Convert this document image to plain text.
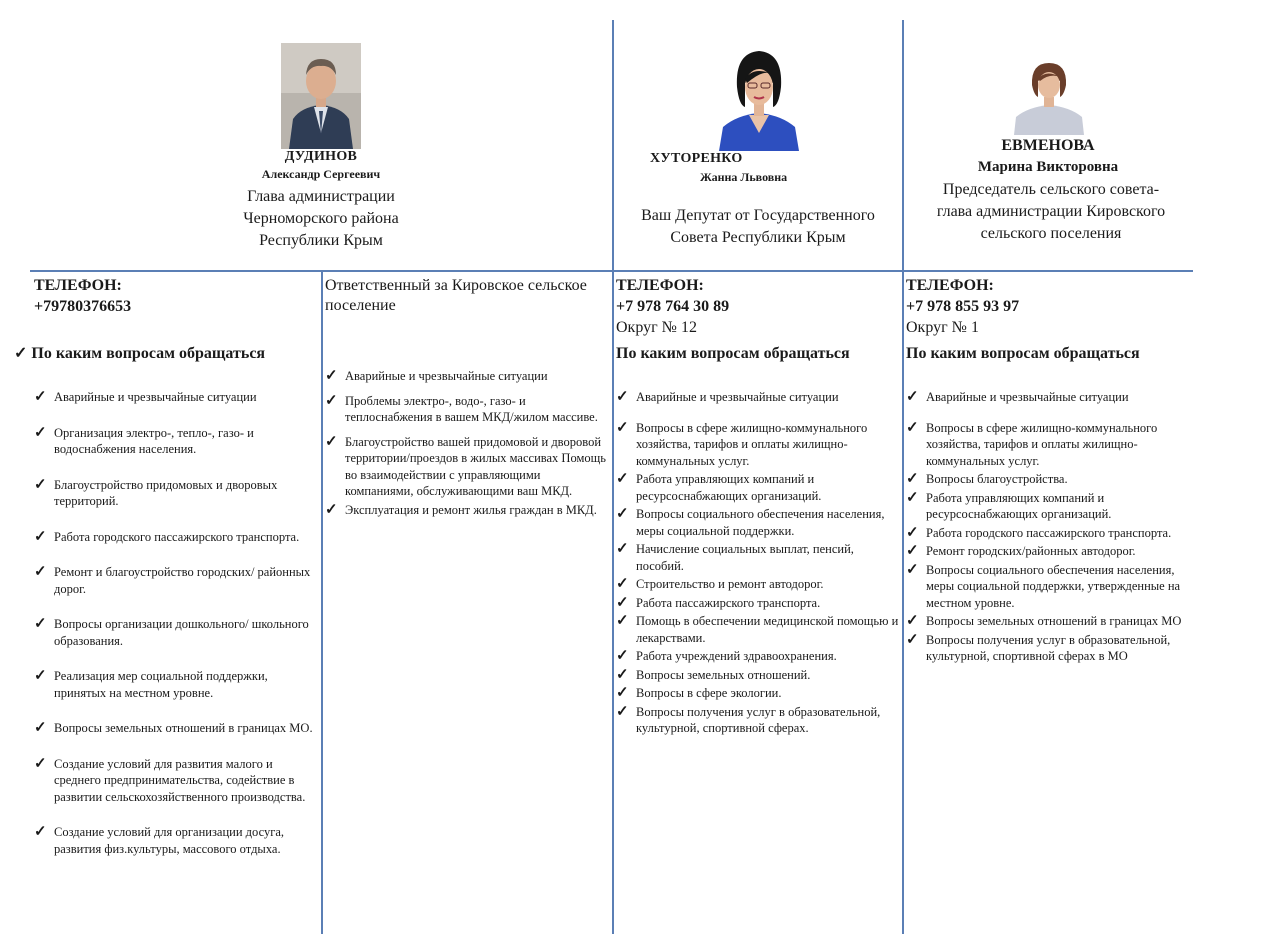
ДУДИНОВ
Александр Сергеевич
Глава администрации
Черноморского района
Республики Крым
ХУТОРЕНКО
Жанна Львовна
Ваш Депутат от Государственного
Совета Республики Крым
ЕВМЕНОВА
Марина Викторовна
Председатель сельского совета-
глава администрации Кировского
сельского поселения
ТЕЛЕФОН:
+79780376653
✓ По каким вопросам обращаться
✓ Аварийные и чрезвычайные ситуации
✓ Организация электро-, тепло-, газо- и водоснабжения населения.
✓ Благоустройство придомовых и дворовых территорий.
✓ Работа городского пассажирского транспорта.
✓ Ремонт и благоустройство городских/ районных дорог.
✓ Вопросы организации дошкольного/ школьного образования.
✓ Реализация мер социальной поддержки, принятых на местном уровне.
✓ Вопросы земельных отношений в границах МО.
✓ Создание условий для развития малого и среднего предпринимательства, содействие в развитии сельскохозяйственного производства.
✓ Создание условий для организации досуга, развития физ.культуры, массового отдыха.
Ответственный за Кировское сельское поселение
✓ Аварийные и чрезвычайные ситуации
✓ Проблемы электро-, водо-, газо- и теплоснабжения в вашем МКД/жилом массиве.
✓ Благоустройство вашей придомовой и дворовой территории/проездов в жилых массивах Помощь во взаимодействии с управляющими компаниями, обслуживающими ваш МКД.
✓ Эксплуатация и ремонт жилья граждан в МКД.
ТЕЛЕФОН:
+7 978 764 30 89
Округ № 12
По каким вопросам обращаться
✓ Аварийные и чрезвычайные ситуации
✓ Вопросы в сфере жилищно-коммунального хозяйства, тарифов и оплаты жилищно-коммунальных услуг.
✓ Работа управляющих компаний и ресурсоснабжающих организаций.
✓ Вопросы социального обеспечения населения, меры социальной поддержки.
✓ Начисление социальных выплат, пенсий, пособий.
✓ Строительство и ремонт автодорог.
✓ Работа пассажирского транспорта.
✓ Помощь в обеспечении медицинской помощью и лекарствами.
✓ Работа учреждений здравоохранения.
✓ Вопросы земельных отношений.
✓ Вопросы в сфере экологии.
✓ Вопросы получения услуг в образовательной, культурной, спортивной сферах.
ТЕЛЕФОН:
+7 978 855 93 97
Округ № 1
По каким вопросам обращаться
✓ Аварийные и чрезвычайные ситуации
✓ Вопросы в сфере жилищно-коммунального хозяйства, тарифов и оплаты жилищно-коммунальных услуг.
✓ Вопросы благоустройства.
✓ Работа управляющих компаний и ресурсоснабжающих организаций.
✓ Работа городского пассажирского транспорта.
✓ Ремонт городских/районных автодорог.
✓ Вопросы социального обеспечения населения, меры социальной поддержки, утвержденные на местном уровне.
✓ Вопросы земельных отношений в границах МО
✓ Вопросы получения услуг в образовательной, культурной, спортивной сферах в МО
